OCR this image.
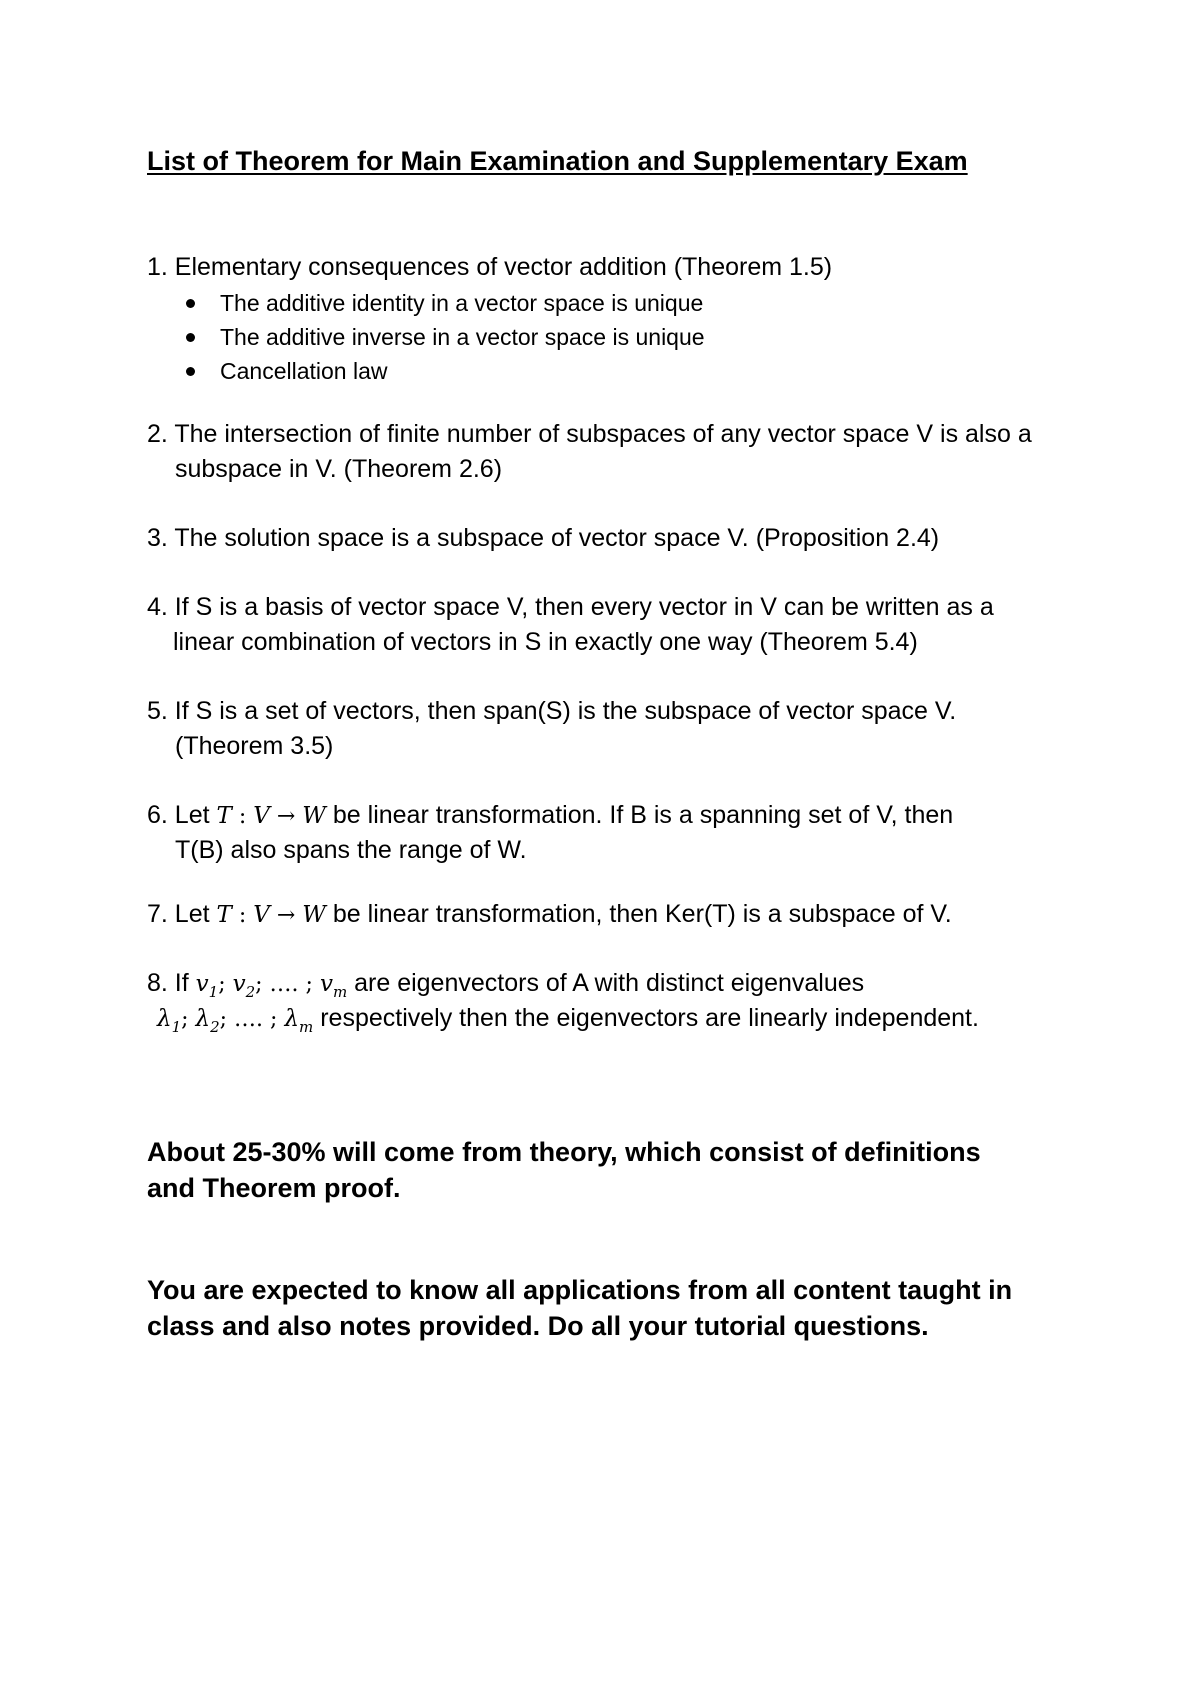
List of Theorem for Main Examination and Supplementary Exam
1. Elementary consequences of vector addition (Theorem 1.5)
The additive identity in a vector space is unique
The additive inverse in a vector space is unique
Cancellation law
2. The intersection of finite number of subspaces of any vector space V is also a
subspace in V. (Theorem 2.6)
3. The solution space is a subspace of vector space V. (Proposition 2.4)
4. If S is a basis of vector space V, then every vector in V can be written as a
linear combination of vectors in S in exactly one way (Theorem 5.4)
5. If S is a set of vectors, then span(S) is the subspace of vector space V.
(Theorem 3.5)
6. Let T : V → W be linear transformation. If B is a spanning set of V, then
T(B) also spans the range of W.
7. Let T : V → W be linear transformation, then Ker(T) is a subspace of V.
8. If $v_1$; $v_2$; …. ; $v_m$ are eigenvectors of A with distinct eigenvalues
$\lambda_1$; $\lambda_2$; …. ; $\lambda_m$ respectively then the eigenvectors are linearly independent.
About 25-30% will come from theory, which consist of definitions
and Theorem proof.
You are expected to know all applications from all content taught in
class and also notes provided. Do all your tutorial questions.
